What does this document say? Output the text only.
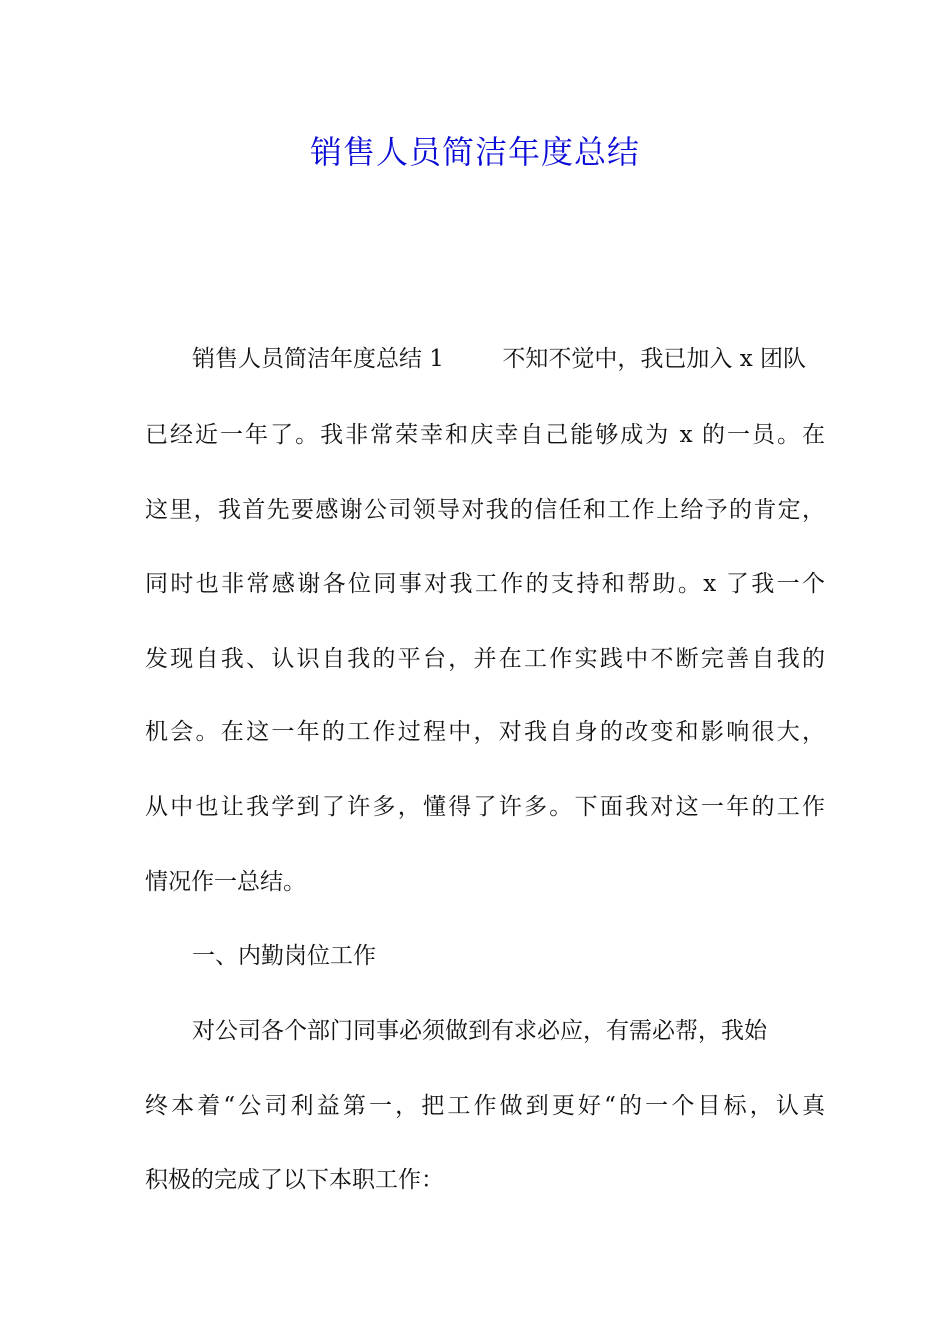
销售人员简洁年度总结
销售人员简洁年度总结 1        不知不觉中，我已加入 x 团队
已经近一年了。我非常荣幸和庆幸自己能够成为 x 的一员。在
这里，我首先要感谢公司领导对我的信任和工作上给予的肯定，
同时也非常感谢各位同事对我工作的支持和帮助。x 了我一个
发现自我、认识自我的平台，并在工作实践中不断完善自我的
机会。在这一年的工作过程中，对我自身的改变和影响很大，
从中也让我学到了许多，懂得了许多。下面我对这一年的工作
情况作一总结。
一、内勤岗位工作
对公司各个部门同事必须做到有求必应，有需必帮，我始
终本着“公司利益第一，把工作做到更好“的一个目标，认真
积极的完成了以下本职工作：
